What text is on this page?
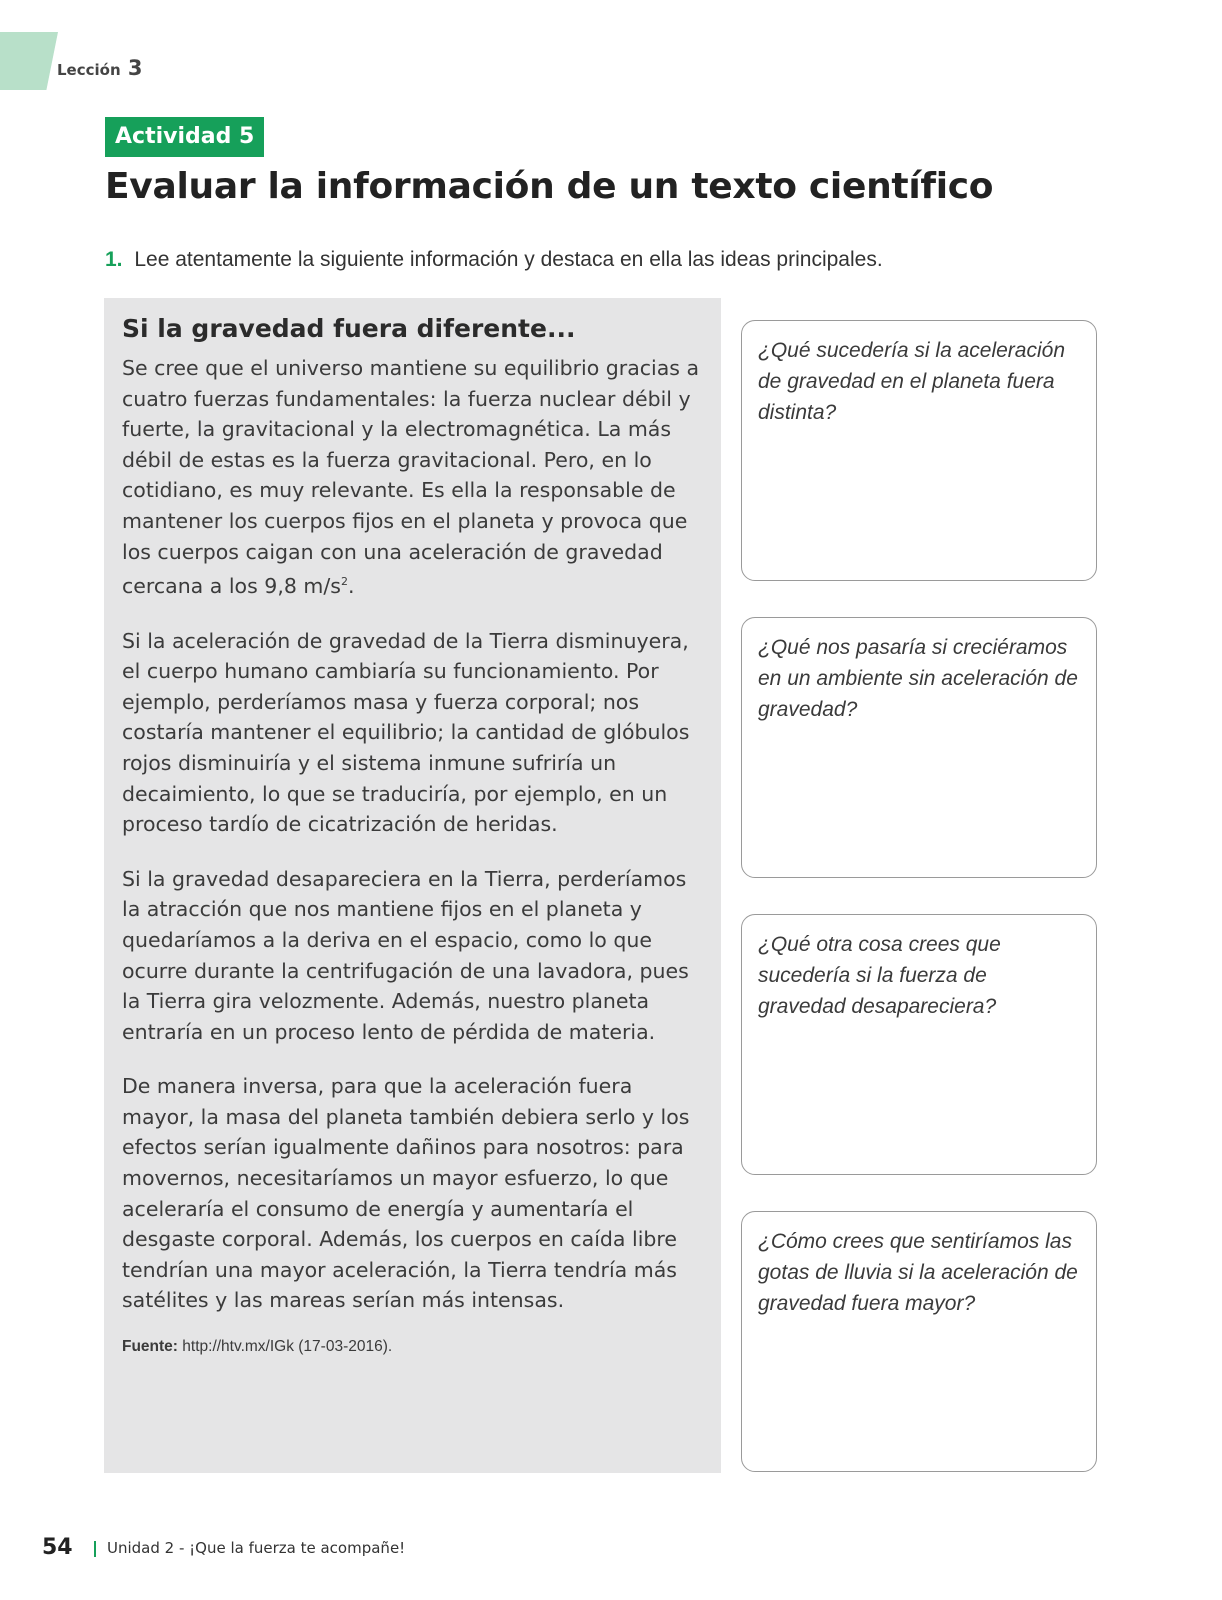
Lección 3
Actividad 5
Evaluar la información de un texto científico
1. Lee atentamente la siguiente información y destaca en ella las ideas principales.
Si la gravedad fuera diferente...

Se cree que el universo mantiene su equilibrio gracias a cuatro fuerzas fundamentales: la fuerza nuclear débil y fuerte, la gravitacional y la electromagnética. La más débil de estas es la fuerza gravitacional. Pero, en lo cotidiano, es muy relevante. Es ella la responsable de mantener los cuerpos fijos en el planeta y provoca que los cuerpos caigan con una aceleración de gravedad cercana a los 9,8 $m/s^2$.

Si la aceleración de gravedad de la Tierra disminuyera, el cuerpo humano cambiaría su funcionamiento. Por ejemplo, perderíamos masa y fuerza corporal; nos costaría mantener el equilibrio; la cantidad de glóbulos rojos disminuiría y el sistema inmune sufriría un decaimiento, lo que se traduciría, por ejemplo, en un proceso tardío de cicatrización de heridas.

Si la gravedad desapareciera en la Tierra, perderíamos la atracción que nos mantiene fijos en el planeta y quedaríamos a la deriva en el espacio, como lo que ocurre durante la centrifugación de una lavadora, pues la Tierra gira velozmente. Además, nuestro planeta entraría en un proceso lento de pérdida de materia.

De manera inversa, para que la aceleración fuera mayor, la masa del planeta también debiera serlo y los efectos serían igualmente dañinos para nosotros: para movernos, necesitaríamos un mayor esfuerzo, lo que aceleraría el consumo de energía y aumentaría el desgaste corporal. Además, los cuerpos en caída libre tendrían una mayor aceleración, la Tierra tendría más satélites y las mareas serían más intensas.

Fuente: http://htv.mx/IGk (17-03-2016).
¿Qué sucedería si la aceleración de gravedad en el planeta fuera distinta?
¿Qué nos pasaría si creciéramos en un ambiente sin aceleración de gravedad?
¿Qué otra cosa crees que sucedería si la fuerza de gravedad desapareciera?
¿Cómo crees que sentiríamos las gotas de lluvia si la aceleración de gravedad fuera mayor?
54 Unidad 2 - ¡Que la fuerza te acompañe!
